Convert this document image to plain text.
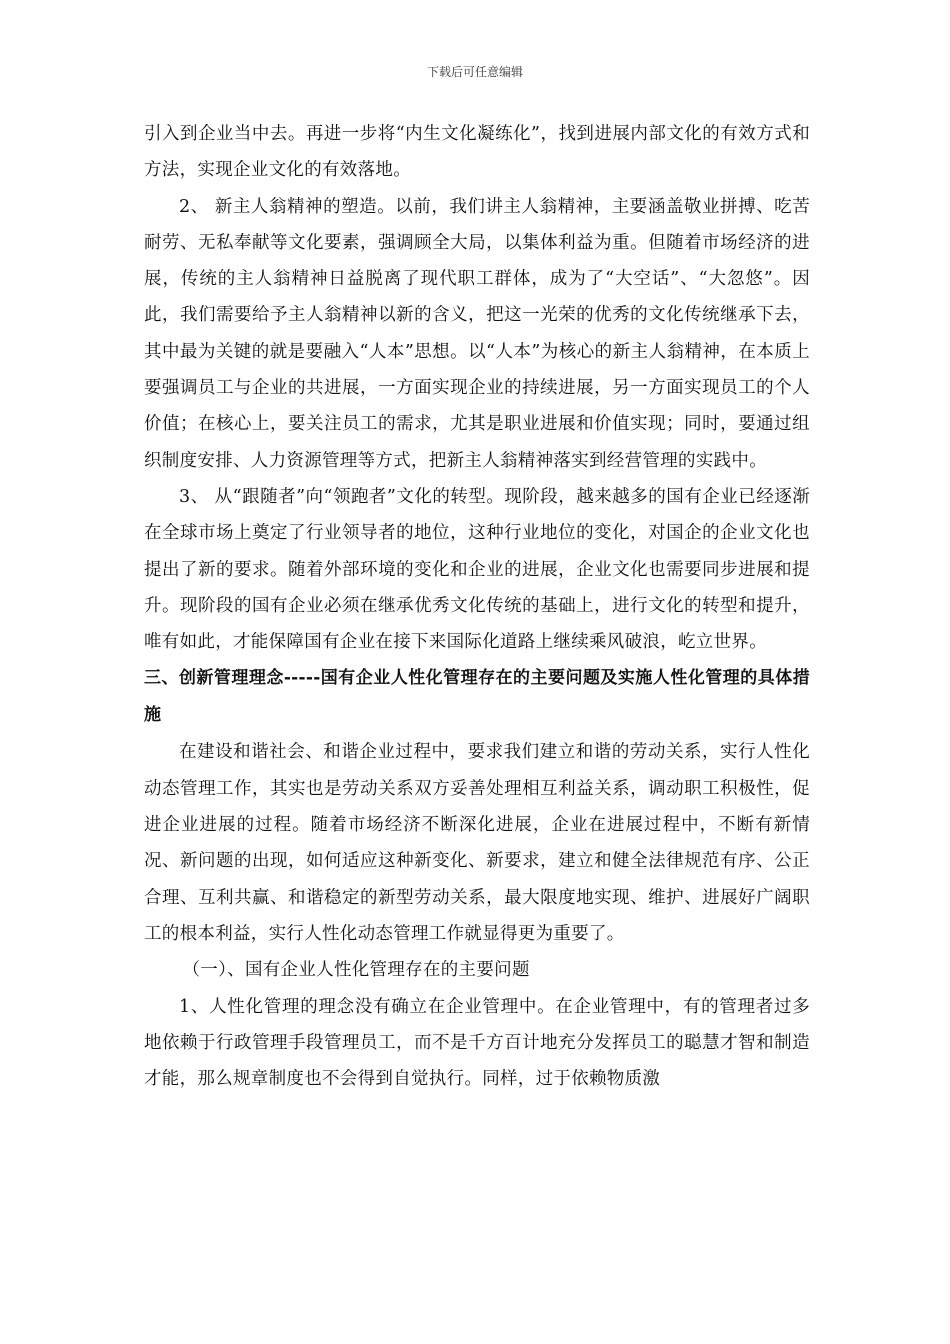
下载后可任意编辑

引入到企业当中去。再进一步将“内生文化凝练化”，找到进展内部文化的有效方式和方法，实现企业文化的有效落地。

2、 新主人翁精神的塑造。以前，我们讲主人翁精神，主要涵盖敬业拼搏、吃苦耐劳、无私奉献等文化要素，强调顾全大局，以集体利益为重。但随着市场经济的进展，传统的主人翁精神日益脱离了现代职工群体，成为了“大空话”、“大忽悠”。因此，我们需要给予主人翁精神以新的含义，把这一光荣的优秀的文化传统继承下去，其中最为关键的就是要融入“人本”思想。以“人本”为核心的新主人翁精神，在本质上要强调员工与企业的共进展，一方面实现企业的持续进展，另一方面实现员工的个人价值；在核心上，要关注员工的需求，尤其是职业进展和价值实现；同时，要通过组织制度安排、人力资源管理等方式，把新主人翁精神落实到经营管理的实践中。

3、 从“跟随者”向“领跑者”文化的转型。现阶段，越来越多的国有企业已经逐渐在全球市场上奠定了行业领导者的地位，这种行业地位的变化，对国企的企业文化也提出了新的要求。随着外部环境的变化和企业的进展，企业文化也需要同步进展和提升。现阶段的国有企业必须在继承优秀文化传统的基础上，进行文化的转型和提升，唯有如此，才能保障国有企业在接下来国际化道路上继续乘风破浪，屹立世界。

三、创新管理理念-----国有企业人性化管理存在的主要问题及实施人性化管理的具体措施

在建设和谐社会、和谐企业过程中，要求我们建立和谐的劳动关系，实行人性化动态管理工作，其实也是劳动关系双方妥善处理相互利益关系，调动职工积极性，促进企业进展的过程。随着市场经济不断深化进展，企业在进展过程中，不断有新情况、新问题的出现，如何适应这种新变化、新要求，建立和健全法律规范有序、公正合理、互利共赢、和谐稳定的新型劳动关系，最大限度地实现、维护、进展好广阔职工的根本利益，实行人性化动态管理工作就显得更为重要了。

（一）、国有企业人性化管理存在的主要问题

1、人性化管理的理念没有确立在企业管理中。在企业管理中，有的管理者过多地依赖于行政管理手段管理员工，而不是千方百计地充分发挥员工的聪慧才智和制造才能，那么规章制度也不会得到自觉执行。同样，过于依赖物质激
